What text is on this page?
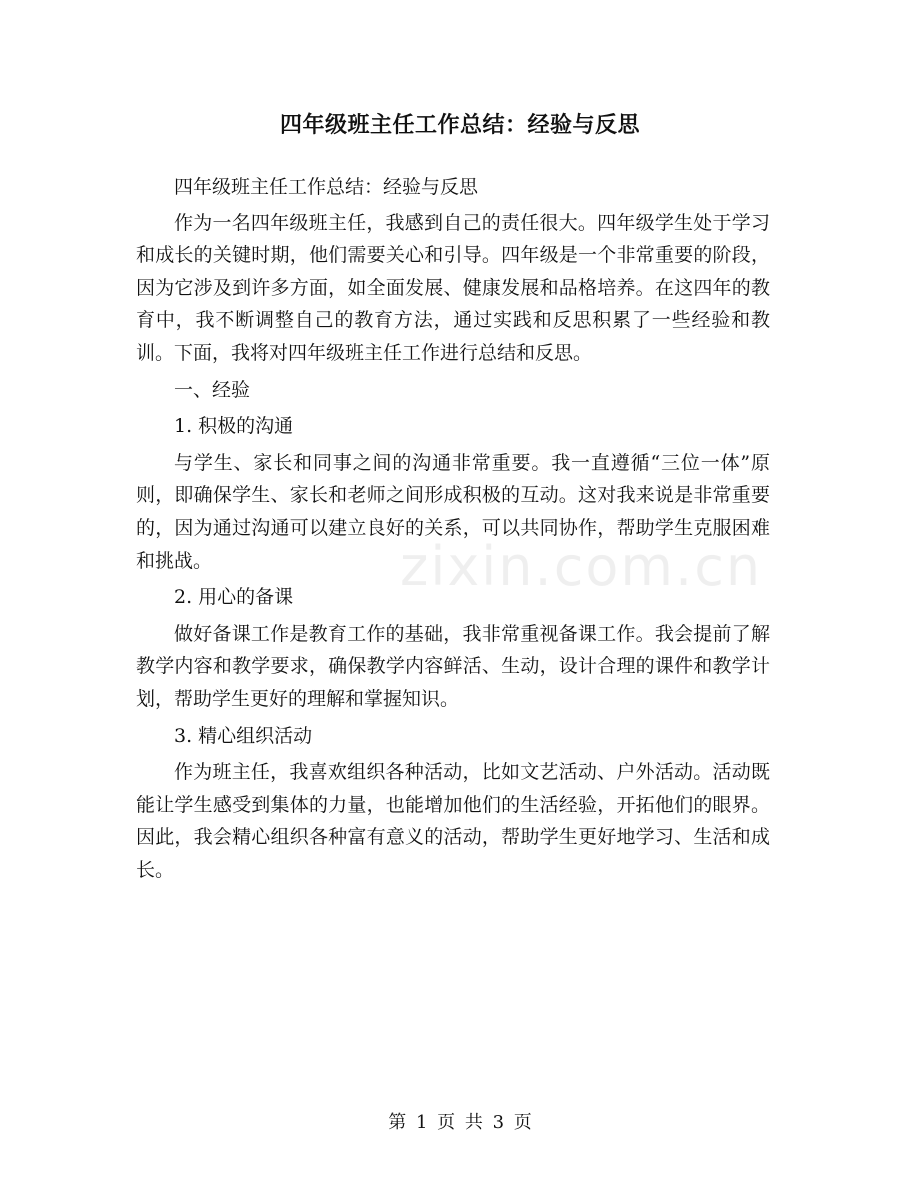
四年级班主任工作总结：经验与反思
zixin.com.cn

四年级班主任工作总结：经验与反思

作为一名四年级班主任，我感到自己的责任很大。四年级学生处于学习和成长的关键时期，他们需要关心和引导。四年级是一个非常重要的阶段，因为它涉及到许多方面，如全面发展、健康发展和品格培养。在这四年的教育中，我不断调整自己的教育方法，通过实践和反思积累了一些经验和教训。下面，我将对四年级班主任工作进行总结和反思。

一、经验

1. 积极的沟通

与学生、家长和同事之间的沟通非常重要。我一直遵循“三位一体”原则，即确保学生、家长和老师之间形成积极的互动。这对我来说是非常重要的，因为通过沟通可以建立良好的关系，可以共同协作，帮助学生克服困难和挑战。

2. 用心的备课

做好备课工作是教育工作的基础，我非常重视备课工作。我会提前了解教学内容和教学要求，确保教学内容鲜活、生动，设计合理的课件和教学计划，帮助学生更好的理解和掌握知识。

3. 精心组织活动

作为班主任，我喜欢组织各种活动，比如文艺活动、户外活动。活动既能让学生感受到集体的力量，也能增加他们的生活经验，开拓他们的眼界。因此，我会精心组织各种富有意义的活动，帮助学生更好地学习、生活和成长。

第 1 页 共 3 页
